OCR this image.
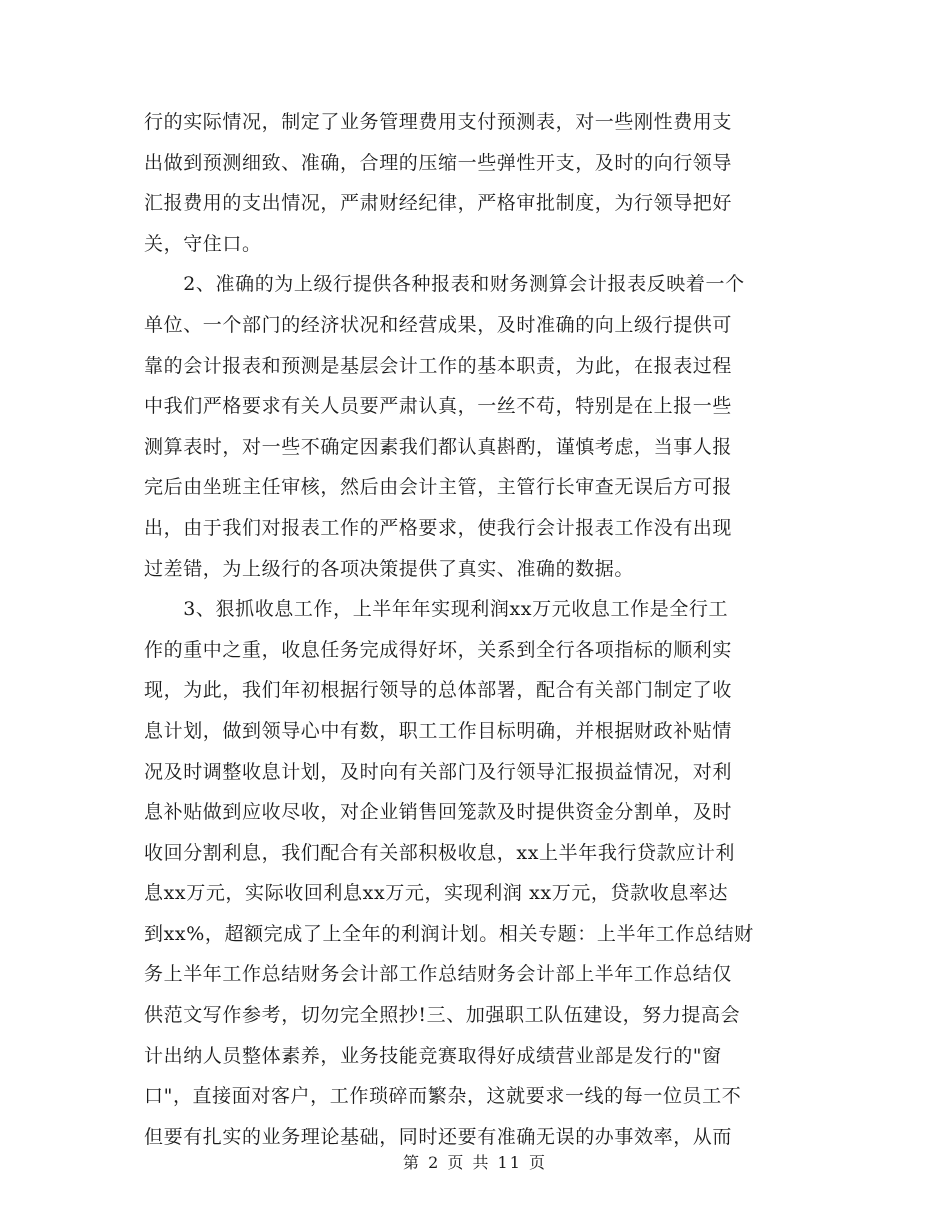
行的实际情况，制定了业务管理费用支付预测表，对一些刚性费用支
出做到预测细致、准确，合理的压缩一些弹性开支，及时的向行领导
汇报费用的支出情况，严肃财经纪律，严格审批制度，为行领导把好
关，守住口。

　　2、准确的为上级行提供各种报表和财务测算会计报表反映着一个
单位、一个部门的经济状况和经营成果，及时准确的向上级行提供可
靠的会计报表和预测是基层会计工作的基本职责，为此，在报表过程
中我们严格要求有关人员要严肃认真，一丝不苟，特别是在上报一些
测算表时，对一些不确定因素我们都认真斟酌，谨慎考虑，当事人报
完后由坐班主任审核，然后由会计主管，主管行长审查无误后方可报
出，由于我们对报表工作的严格要求，使我行会计报表工作没有出现
过差错，为上级行的各项决策提供了真实、准确的数据。

　　3、狠抓收息工作，上半年年实现利润xx万元收息工作是全行工
作的重中之重，收息任务完成得好坏，关系到全行各项指标的顺利实
现，为此，我们年初根据行领导的总体部署，配合有关部门制定了收
息计划，做到领导心中有数，职工工作目标明确，并根据财政补贴情
况及时调整收息计划，及时向有关部门及行领导汇报损益情况，对利
息补贴做到应收尽收，对企业销售回笼款及时提供资金分割单，及时
收回分割利息，我们配合有关部积极收息，xx上半年我行贷款应计利
息xx万元，实际收回利息xx万元，实现利润 xx万元，贷款收息率达
到xx%，超额完成了上全年的利润计划。相关专题：上半年工作总结财
务上半年工作总结财务会计部工作总结财务会计部上半年工作总结仅
供范文写作参考，切勿完全照抄!三、加强职工队伍建设，努力提高会
计出纳人员整体素养，业务技能竞赛取得好成绩营业部是发行的"窗
口"，直接面对客户，工作琐碎而繁杂，这就要求一线的每一位员工不
但要有扎实的业务理论基础，同时还要有准确无误的办事效率，从而

第 2 页 共 11 页
